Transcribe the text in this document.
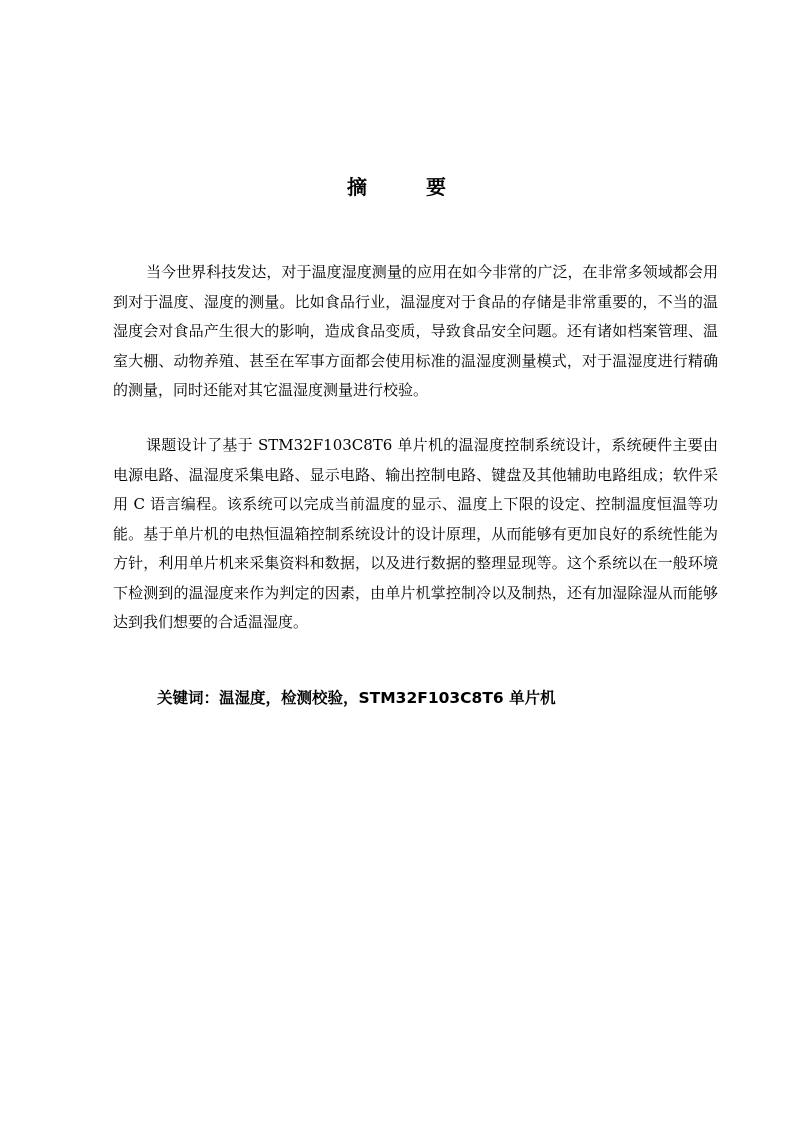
摘 要

当今世界科技发达，对于温度湿度测量的应用在如今非常的广泛，在非常多领域都会用到对于温度、湿度的测量。比如食品行业，温湿度对于食品的存储是非常重要的，不当的温湿度会对食品产生很大的影响，造成食品变质，导致食品安全问题。还有诸如档案管理、温室大棚、动物养殖、甚至在军事方面都会使用标准的温湿度测量模式，对于温湿度进行精确的测量，同时还能对其它温湿度测量进行校验。

课题设计了基于 STM32F103C8T6 单片机的温湿度控制系统设计，系统硬件主要由电源电路、温湿度采集电路、显示电路、输出控制电路、键盘及其他辅助电路组成；软件采用 C 语言编程。该系统可以完成当前温度的显示、温度上下限的设定、控制温度恒温等功能。基于单片机的电热恒温箱控制系统设计的设计原理，从而能够有更加良好的系统性能为方针，利用单片机来采集资料和数据，以及进行数据的整理显现等。这个系统以在一般环境下检测到的温湿度来作为判定的因素，由单片机掌控制冷以及制热，还有加湿除湿从而能够达到我们想要的合适温湿度。

关键词：温湿度，检测校验，STM32F103C8T6 单片机
